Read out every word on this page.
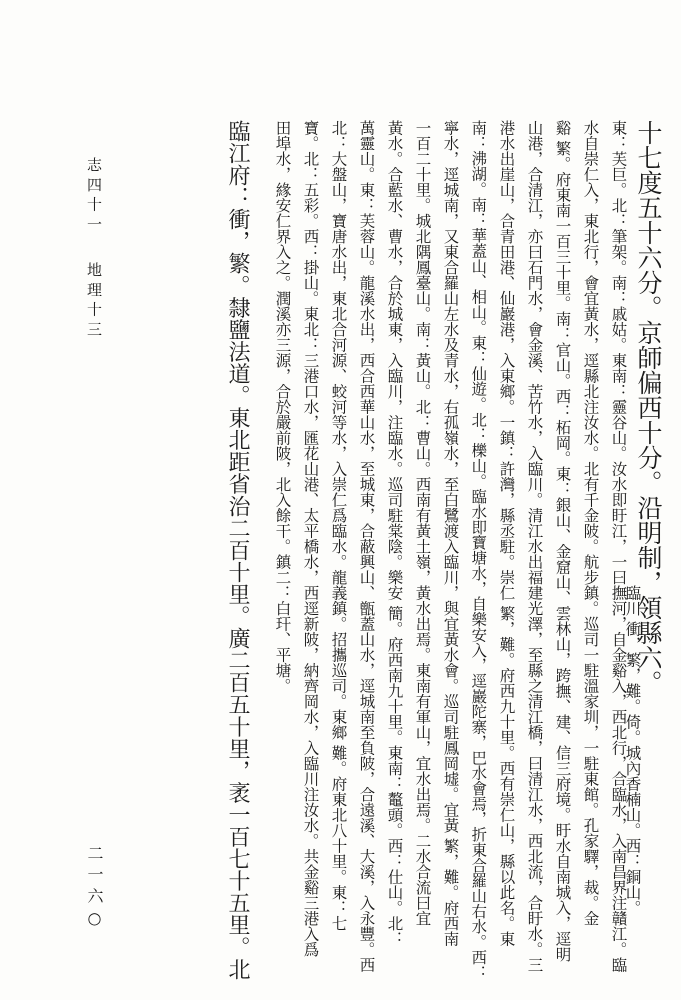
十七度五十六分。京師偏西十分。沿明制，領縣六。
臨川 衝，繁，難。倚。城內香楠山。西：銅山。
東：芙巨。北：筆架。南：戚姑。東南：靈谷山。汝水即盱江，一曰撫河，自金谿入，西北行，合臨水，入南昌界注贛江。臨
水自崇仁入，東北行，會宜黃水，逕縣北注汝水。北有千金陂。航步鎮。巡司一駐溫家圳，一駐東館。孔家驛，裁。金
谿 繁。府東南一百三十里。南：官山。西：柘岡。東：銀山、金窟山、雲林山，跨撫、建、信三府境。盱水自南城入，逕明
山港，合清江，亦曰石門水，會金溪、苦竹水，入臨川。清江水出福建光澤，至縣之清江橋，曰清江水，西北流，合盱水。三
港水出崖山，合青田港、仙巖港，入東鄉。一鎮：許灣，縣丞駐。崇仁 繁，難。府西九十里。西有崇仁山，縣以此名。東
南：沸湖。南：華蓋山、相山。東：仙遊。北：櫟山。臨水即寶塘水，自樂安入，逕巖陀寨，巴水會焉，折東合羅山右水。西：
寧水，逕城南，又東合羅山左水及青水，右孤嶺水，至白鷺渡入臨川，與宜黃水會。巡司駐鳳岡墟。宜黃 繁，難。府西南
一百二十里。城北隅鳳臺山。南：黃山。北：曹山。西南有黃土嶺，黃水出焉。東南有軍山，宜水出焉。二水合流曰宜
黃水。合藍水、曹水，合於城東，入臨川，注臨水。巡司駐棠陰。樂安 簡。府西南九十里。東南：鼇頭。西：仕山。北：
萬靈山。東：芙蓉山。龍溪水出，西合西華山水，至城東，合蔽興山、甑蓋山水，逕城南至負陂，合遠溪、大溪，入永豐。西
北：大盤山，寶唐水出，東北合河源、蛟河等水，入崇仁爲臨水。龍義鎮。招攜巡司。東鄉 難。府東北八十里。東：七
寶。北：五彩。西：掛山。東北：三港口水，匯花山港、太平橋水，西逕新陂，納齊岡水，入臨川注汝水。共金谿三港入爲
田埠水，緣安仁界入之。潤溪亦三源，合於嚴前陂，北入餘干。鎮二：白玕、平塘。
臨江府：衝，繁。隸鹽法道。東北距省治二百十里。廣二百五十里，袤一百七十五里。北
志 四 十 一
地 理 十 三
二 一 六 ○
